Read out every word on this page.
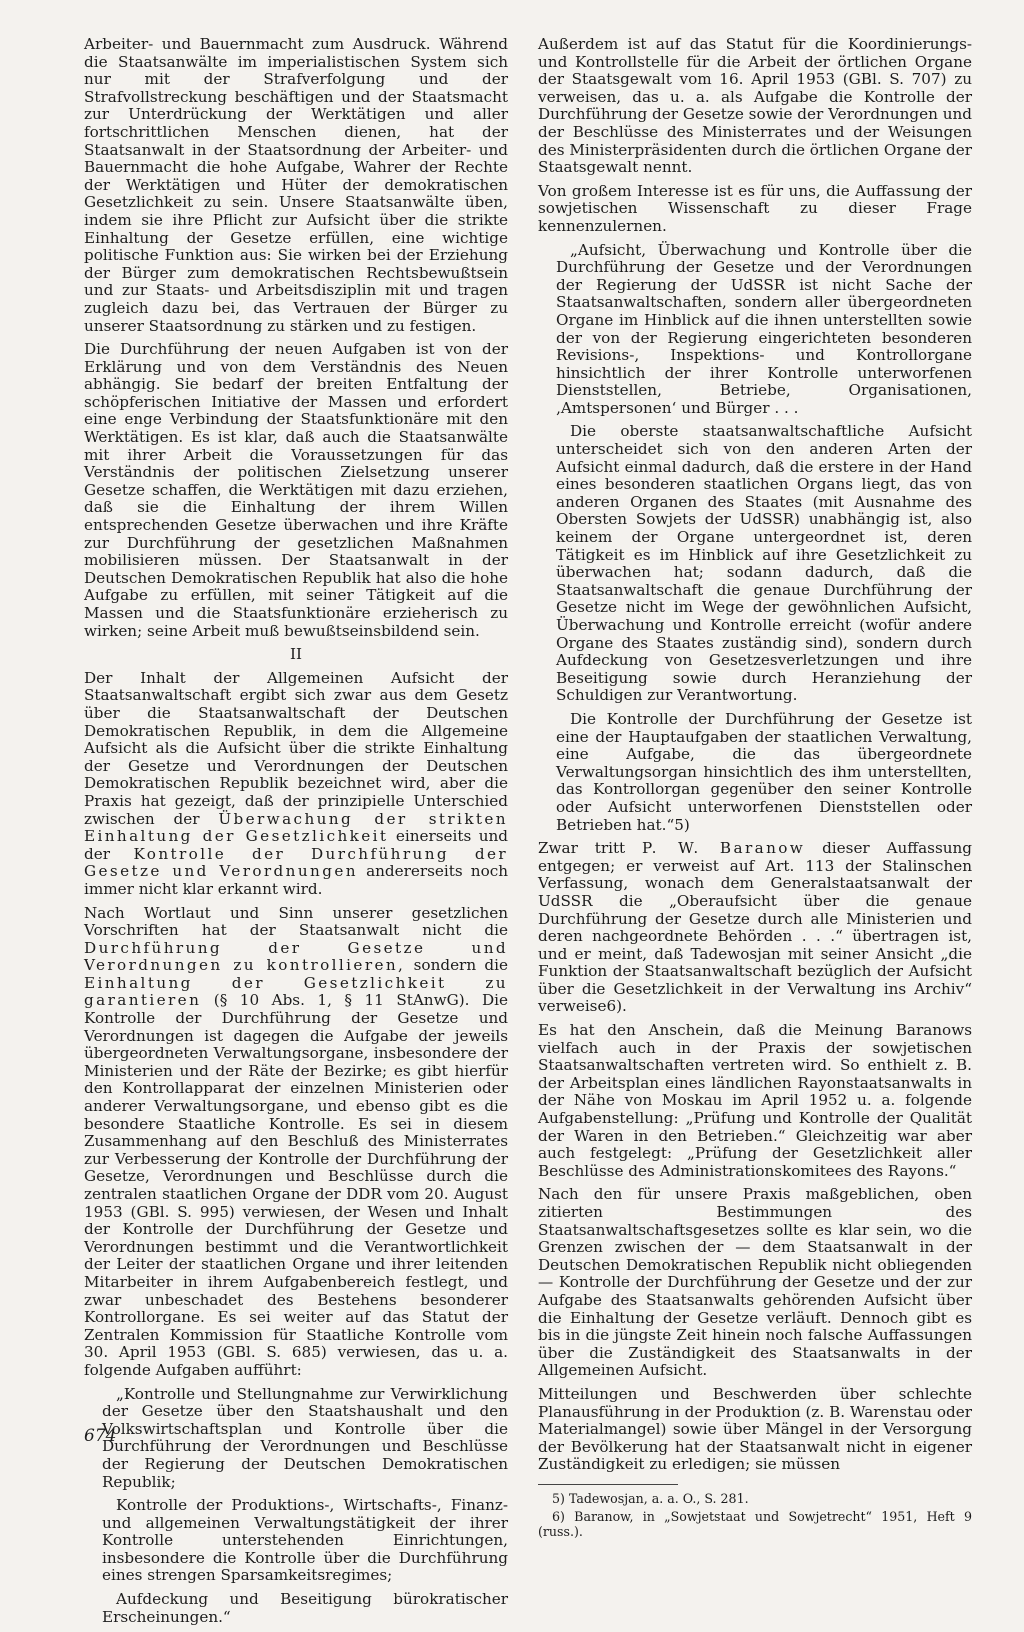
Arbeiter- und Bauernmacht zum Ausdruck. Während die Staatsanwälte im imperialistischen System sich nur mit der Strafverfolgung und der Strafvollstreckung beschäftigen und der Staatsmacht zur Unterdrückung der Werktätigen und aller fortschrittlichen Menschen dienen, hat der Staatsanwalt in der Staatsordnung der Arbeiter- und Bauernmacht die hohe Aufgabe, Wahrer der Rechte der Werktätigen und Hüter der demokratischen Gesetzlichkeit zu sein. Unsere Staatsanwälte üben, indem sie ihre Pflicht zur Aufsicht über die strikte Einhaltung der Gesetze erfüllen, eine wichtige politische Funktion aus: Sie wirken bei der Erziehung der Bürger zum demokratischen Rechtsbewußtsein und zur Staats- und Arbeitsdisziplin mit und tragen zugleich dazu bei, das Vertrauen der Bürger zu unserer Staatsordnung zu stärken und zu festigen.

Die Durchführung der neuen Aufgaben ist von der Erklärung und von dem Verständnis des Neuen abhängig. Sie bedarf der breiten Entfaltung der schöpferischen Initiative der Massen und erfordert eine enge Verbindung der Staatsfunktionäre mit den Werktätigen. Es ist klar, daß auch die Staatsanwälte mit ihrer Arbeit die Voraussetzungen für das Verständnis der politischen Zielsetzung unserer Gesetze schaffen, die Werktätigen mit dazu erziehen, daß sie die Einhaltung der ihrem Willen entsprechenden Gesetze überwachen und ihre Kräfte zur Durchführung der gesetzlichen Maßnahmen mobilisieren müssen. Der Staatsanwalt in der Deutschen Demokratischen Republik hat also die hohe Aufgabe zu erfüllen, mit seiner Tätigkeit auf die Massen und die Staatsfunktionäre erzieherisch zu wirken; seine Arbeit muß bewußtseinsbildend sein.

II

Der Inhalt der Allgemeinen Aufsicht der Staatsanwaltschaft ergibt sich zwar aus dem Gesetz über die Staatsanwaltschaft der Deutschen Demokratischen Republik, in dem die Allgemeine Aufsicht als die Aufsicht über die strikte Einhaltung der Gesetze und Verordnungen der Deutschen Demokratischen Republik bezeichnet wird, aber die Praxis hat gezeigt, daß der prinzipielle Unterschied zwischen der Überwachung der strikten Einhaltung der Gesetzlichkeit einerseits und der Kontrolle der Durchführung der Gesetze und Verordnungen andererseits noch immer nicht klar erkannt wird.

Nach Wortlaut und Sinn unserer gesetzlichen Vorschriften hat der Staatsanwalt nicht die Durchführung der Gesetze und Verordnungen zu kontrollieren, sondern die Einhaltung der Gesetzlichkeit zu garantieren (§ 10 Abs. 1, § 11 StAnwG). Die Kontrolle der Durchführung der Gesetze und Verordnungen ist dagegen die Aufgabe der jeweils übergeordneten Verwaltungsorgane, insbesondere der Ministerien und der Räte der Bezirke; es gibt hierfür den Kontrollapparat der einzelnen Ministerien oder anderer Verwaltungsorgane, und ebenso gibt es die besondere Staatliche Kontrolle. Es sei in diesem Zusammenhang auf den Beschluß des Ministerrates zur Verbesserung der Kontrolle der Durchführung der Gesetze, Verordnungen und Beschlüsse durch die zentralen staatlichen Organe der DDR vom 20. August 1953 (GBl. S. 995) verwiesen, der Wesen und Inhalt der Kontrolle der Durchführung der Gesetze und Verordnungen bestimmt und die Verantwortlichkeit der Leiter der staatlichen Organe und ihrer leitenden Mitarbeiter in ihrem Aufgabenbereich festlegt, und zwar unbeschadet des Bestehens besonderer Kontrollorgane. Es sei weiter auf das Statut der Zentralen Kommission für Staatliche Kontrolle vom 30. April 1953 (GBl. S. 685) verwiesen, das u. a. folgende Aufgaben aufführt:

„Kontrolle und Stellungnahme zur Verwirklichung der Gesetze über den Staatshaushalt und den Volkswirtschaftsplan und Kontrolle über die Durchführung der Verordnungen und Beschlüsse der Regierung der Deutschen Demokratischen Republik;

Kontrolle der Produktions-, Wirtschafts-, Finanz- und allgemeinen Verwaltungstätigkeit der ihrer Kontrolle unterstehenden Einrichtungen, insbesondere die Kontrolle über die Durchführung eines strengen Sparsamkeitsregimes;

Aufdeckung und Beseitigung bürokratischer Erscheinungen.“

Außerdem ist auf das Statut für die Koordinierungs- und Kontrollstelle für die Arbeit der örtlichen Organe der Staatsgewalt vom 16. April 1953 (GBl. S. 707) zu verweisen, das u. a. als Aufgabe die Kontrolle der Durchführung der Gesetze sowie der Verordnungen und der Beschlüsse des Ministerrates und der Weisungen des Ministerpräsidenten durch die örtlichen Organe der Staatsgewalt nennt.

Von großem Interesse ist es für uns, die Auffassung der sowjetischen Wissenschaft zu dieser Frage kennenzulernen.

„Aufsicht, Überwachung und Kontrolle über die Durchführung der Gesetze und der Verordnungen der Regierung der UdSSR ist nicht Sache der Staatsanwaltschaften, sondern aller übergeordneten Organe im Hinblick auf die ihnen unterstellten sowie der von der Regierung eingerichteten besonderen Revisions-, Inspektions- und Kontrollorgane hinsichtlich der ihrer Kontrolle unterworfenen Dienststellen, Betriebe, Organisationen, ‚Amtspersonen‘ und Bürger . . .

Die oberste staatsanwaltschaftliche Aufsicht unterscheidet sich von den anderen Arten der Aufsicht einmal dadurch, daß die erstere in der Hand eines besonderen staatlichen Organs liegt, das von anderen Organen des Staates (mit Ausnahme des Obersten Sowjets der UdSSR) unabhängig ist, also keinem der Organe untergeordnet ist, deren Tätigkeit es im Hinblick auf ihre Gesetzlichkeit zu überwachen hat; sodann dadurch, daß die Staatsanwaltschaft die genaue Durchführung der Gesetze nicht im Wege der gewöhnlichen Aufsicht, Überwachung und Kontrolle erreicht (wofür andere Organe des Staates zuständig sind), sondern durch Aufdeckung von Gesetzesverletzungen und ihre Beseitigung sowie durch Heranziehung der Schuldigen zur Verantwortung.

Die Kontrolle der Durchführung der Gesetze ist eine der Hauptaufgaben der staatlichen Verwaltung, eine Aufgabe, die das übergeordnete Verwaltungsorgan hinsichtlich des ihm unterstellten, das Kontrollorgan gegenüber den seiner Kontrolle oder Aufsicht unterworfenen Dienststellen oder Betrieben hat.“5)

Zwar tritt P. W. Baranow dieser Auffassung entgegen; er verweist auf Art. 113 der Stalinschen Verfassung, wonach dem Generalstaatsanwalt der UdSSR die „Oberaufsicht über die genaue Durchführung der Gesetze durch alle Ministerien und deren nachgeordnete Behörden . . .“ übertragen ist, und er meint, daß Tadewosjan mit seiner Ansicht „die Funktion der Staatsanwaltschaft bezüglich der Aufsicht über die Gesetzlichkeit in der Verwaltung ins Archiv“ verweise6).

Es hat den Anschein, daß die Meinung Baranows vielfach auch in der Praxis der sowjetischen Staatsanwaltschaften vertreten wird. So enthielt z. B. der Arbeitsplan eines ländlichen Rayonstaatsanwalts in der Nähe von Moskau im April 1952 u. a. folgende Aufgabenstellung: „Prüfung und Kontrolle der Qualität der Waren in den Betrieben.“ Gleichzeitig war aber auch festgelegt: „Prüfung der Gesetzlichkeit aller Beschlüsse des Administrationskomitees des Rayons.“

Nach den für unsere Praxis maßgeblichen, oben zitierten Bestimmungen des Staatsanwaltschaftsgesetzes sollte es klar sein, wo die Grenzen zwischen der — dem Staatsanwalt in der Deutschen Demokratischen Republik nicht obliegenden — Kontrolle der Durchführung der Gesetze und der zur Aufgabe des Staatsanwalts gehörenden Aufsicht über die Einhaltung der Gesetze verläuft. Dennoch gibt es bis in die jüngste Zeit hinein noch falsche Auffassungen über die Zuständigkeit des Staatsanwalts in der Allgemeinen Aufsicht.

Mitteilungen und Beschwerden über schlechte Planausführung in der Produktion (z. B. Warenstau oder Materialmangel) sowie über Mängel in der Versorgung der Bevölkerung hat der Staatsanwalt nicht in eigener Zuständigkeit zu erledigen; sie müssen

5) Tadewosjan, a. a. O., S. 281.

6) Baranow, in „Sowjetstaat und Sowjetrecht“ 1951, Heft 9 (russ.).

674
